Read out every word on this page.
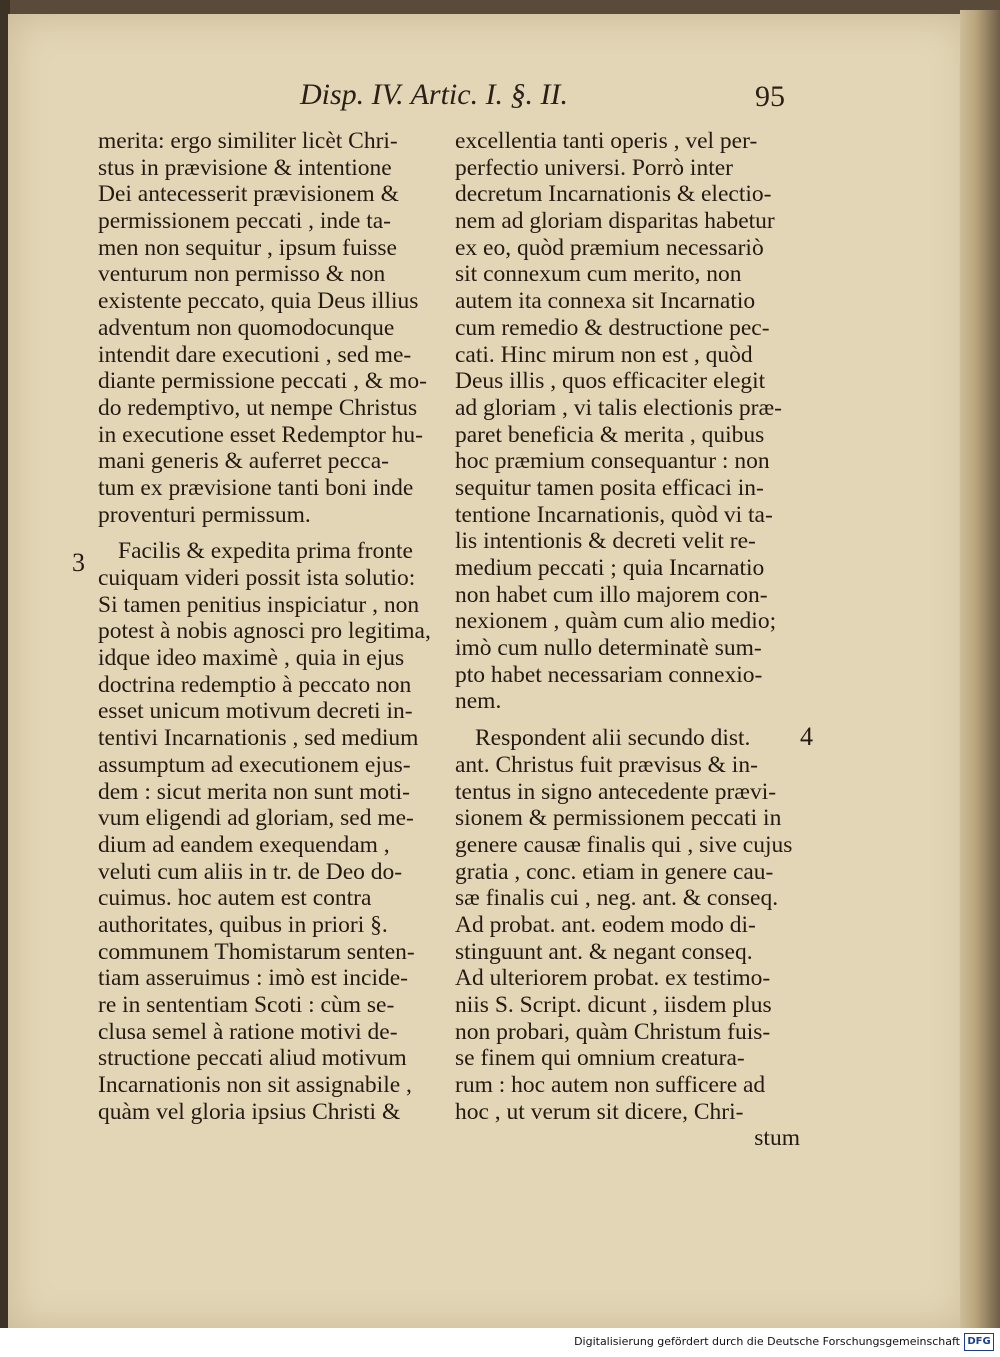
Disp. IV. Artic. I. §. II.	95
merita: ergo similiter licèt Chri-
stus in prævisione & intentione
Dei antecesserit prævisionem &
permissionem peccati , inde ta-
men non sequitur , ipsum fuisse
venturum non permisso & non
existente peccato, quia Deus illius
adventum non quomodocunque
intendit dare executioni , sed me-
diante permissione peccati , & mo-
do redemptivo, ut nempe Christus
in executione esset Redemptor hu-
mani generis & auferret pecca-
tum ex prævisione tanti boni inde
proventuri permissum.
Facilis & expedita prima fronte
cuiquam videri possit ista solutio:
Si tamen penitius inspiciatur , non
potest à nobis agnosci pro legitima,
idque ideo maximè , quia in ejus
doctrina redemptio à peccato non
esset unicum motivum decreti in-
tentivi Incarnationis , sed medium
assumptum ad executionem ejus-
dem : sicut merita non sunt moti-
vum eligendi ad gloriam, sed me-
dium ad eandem exequendam ,
veluti cum aliis in tr. de Deo do-
cuimus. hoc autem est contra
authoritates, quibus in priori §.
communem Thomistarum senten-
tiam asseruimus : imò est incide-
re in sententiam Scoti : cùm se-
clusa semel à ratione motivi de-
structione peccati aliud motivum
Incarnationis non sit assignabile ,
quàm vel gloria ipsius Christi &
excellentia tanti operis , vel per-
perfectio universi. Porrò inter
decretum Incarnationis & electio-
nem ad gloriam disparitas habetur
ex eo, quòd præmium necessariò
sit connexum cum merito, non
autem ita connexa sit Incarnatio
cum remedio & destructione pec-
cati. Hinc mirum non est , quòd
Deus illis , quos efficaciter elegit
ad gloriam , vi talis electionis præ-
paret beneficia & merita , quibus
hoc præmium consequantur : non
sequitur tamen posita efficaci in-
tentione Incarnationis, quòd vi ta-
lis intentionis & decreti velit re-
medium peccati ; quia Incarnatio
non habet cum illo majorem con-
nexionem , quàm cum alio medio;
imò cum nullo determinatè sum-
pto habet necessariam connexio-
nem.
Respondent alii secundo dist.
ant. Christus fuit prævisus & in-
tentus in signo antecedente prævi-
sionem & permissionem peccati in
genere causæ finalis qui , sive cujus
gratia , conc. etiam in genere cau-
sæ finalis cui , neg. ant. & conseq.
Ad probat. ant. eodem modo di-
stinguunt ant. & negant conseq.
Ad ulteriorem probat. ex testimo-
niis S. Script. dicunt , iisdem plus
non probari, quàm Christum fuis-
se finem qui omnium creatura-
rum : hoc autem non sufficere ad
hoc , ut verum sit dicere, Chri-
stum
3
4
Digitalisierung gefördert durch die Deutsche Forschungsgemeinschaft DFG
